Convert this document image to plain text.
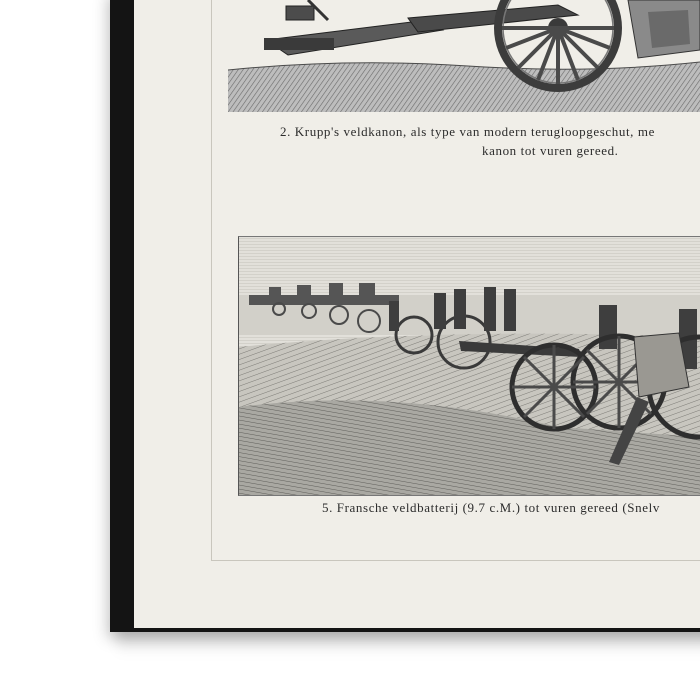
2. Krupp's veldkanon, als type van modern terugloopgeschut, me
kanon tot vuren gereed.
5. Fransche veldbatterij (9.7 c.M.) tot vuren gereed (Snelv
